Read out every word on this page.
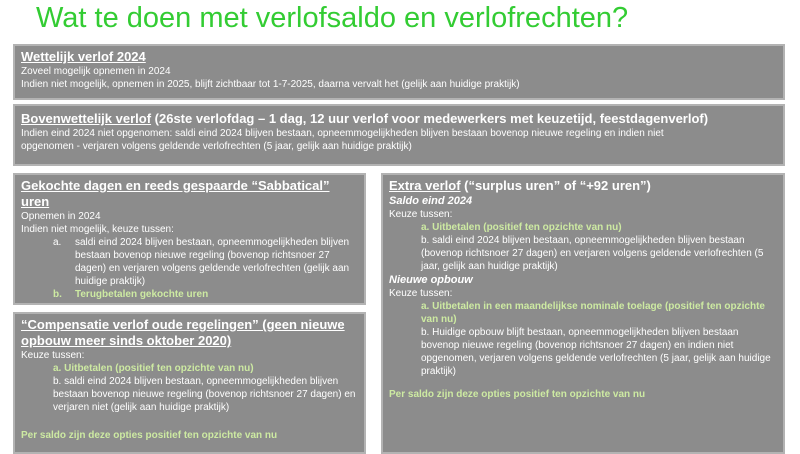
Wat te doen met verlofsaldo en verlofrechten?
Wettelijk verlof 2024
Zoveel mogelijk opnemen in 2024
Indien niet mogelijk, opnemen in 2025, blijft zichtbaar tot 1-7-2025, daarna vervalt het (gelijk aan huidige praktijk)
Bovenwettelijk verlof (26ste verlofdag – 1 dag, 12 uur verlof voor medewerkers met keuzetijd, feestdagenverlof)
Indien eind 2024 niet opgenomen: saldi eind 2024 blijven bestaan, opneemmogelijkheden blijven bestaan bovenop nieuwe regeling en indien niet
opgenomen - verjaren volgens geldende verlofrechten (5 jaar, gelijk aan huidige praktijk)
Gekochte dagen en reeds gespaarde “Sabbatical” uren
Opnemen in 2024
Indien niet mogelijk, keuze tussen:
a.	saldi eind 2024 blijven bestaan, opneemmogelijkheden blijven bestaan bovenop nieuwe regeling (bovenop richtsnoer 27 dagen) en verjaren volgens geldende verlofrechten (gelijk aan huidige praktijk)
b.	Terugbetalen gekochte uren
“Compensatie verlof oude regelingen” (geen nieuwe opbouw meer sinds oktober 2020)
Keuze tussen:
a. Uitbetalen (positief ten opzichte van nu)
b. saldi eind 2024 blijven bestaan, opneemmogelijkheden blijven bestaan bovenop nieuwe regeling (bovenop richtsnoer 27 dagen) en verjaren niet (gelijk aan huidige praktijk)
Per saldo zijn deze opties positief ten opzichte van nu
Extra verlof (“surplus uren” of “+92 uren”)
Saldo eind 2024
Keuze tussen:
a. Uitbetalen (positief ten opzichte van nu)
b. saldi eind 2024 blijven bestaan, opneemmogelijkheden blijven bestaan (bovenop richtsnoer 27 dagen) en verjaren volgens geldende verlofrechten (5 jaar, gelijk aan huidige praktijk)
Nieuwe opbouw
Keuze tussen:
a. Uitbetalen in een maandelijkse nominale toelage (positief ten opzichte van nu)
b. Huidige opbouw blijft bestaan, opneemmogelijkheden blijven bestaan bovenop nieuwe regeling (bovenop richtsnoer 27 dagen) en indien niet opgenomen, verjaren volgens geldende verlofrechten (5 jaar, gelijk aan huidige praktijk)
Per saldo zijn deze opties positief ten opzichte van nu
